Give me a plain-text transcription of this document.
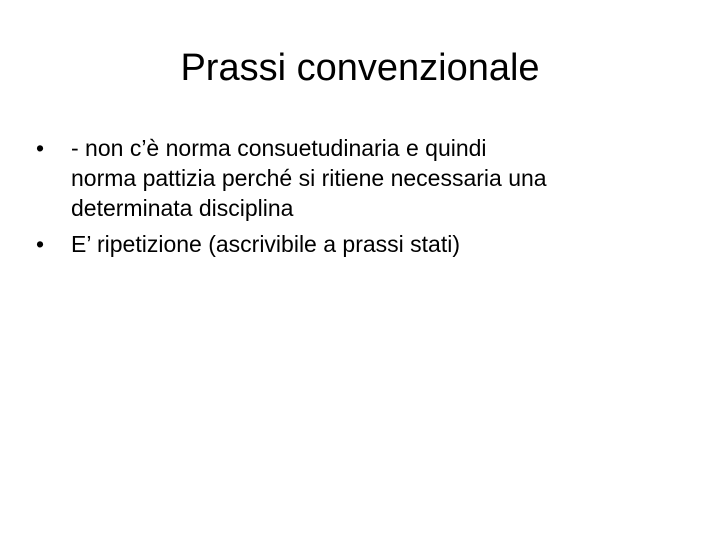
Prassi convenzionale
•	- non c’è norma consuetudinaria e quindi
norma pattizia perché si ritiene necessaria una
determinata disciplina
•	E’ ripetizione (ascrivibile a prassi stati)
